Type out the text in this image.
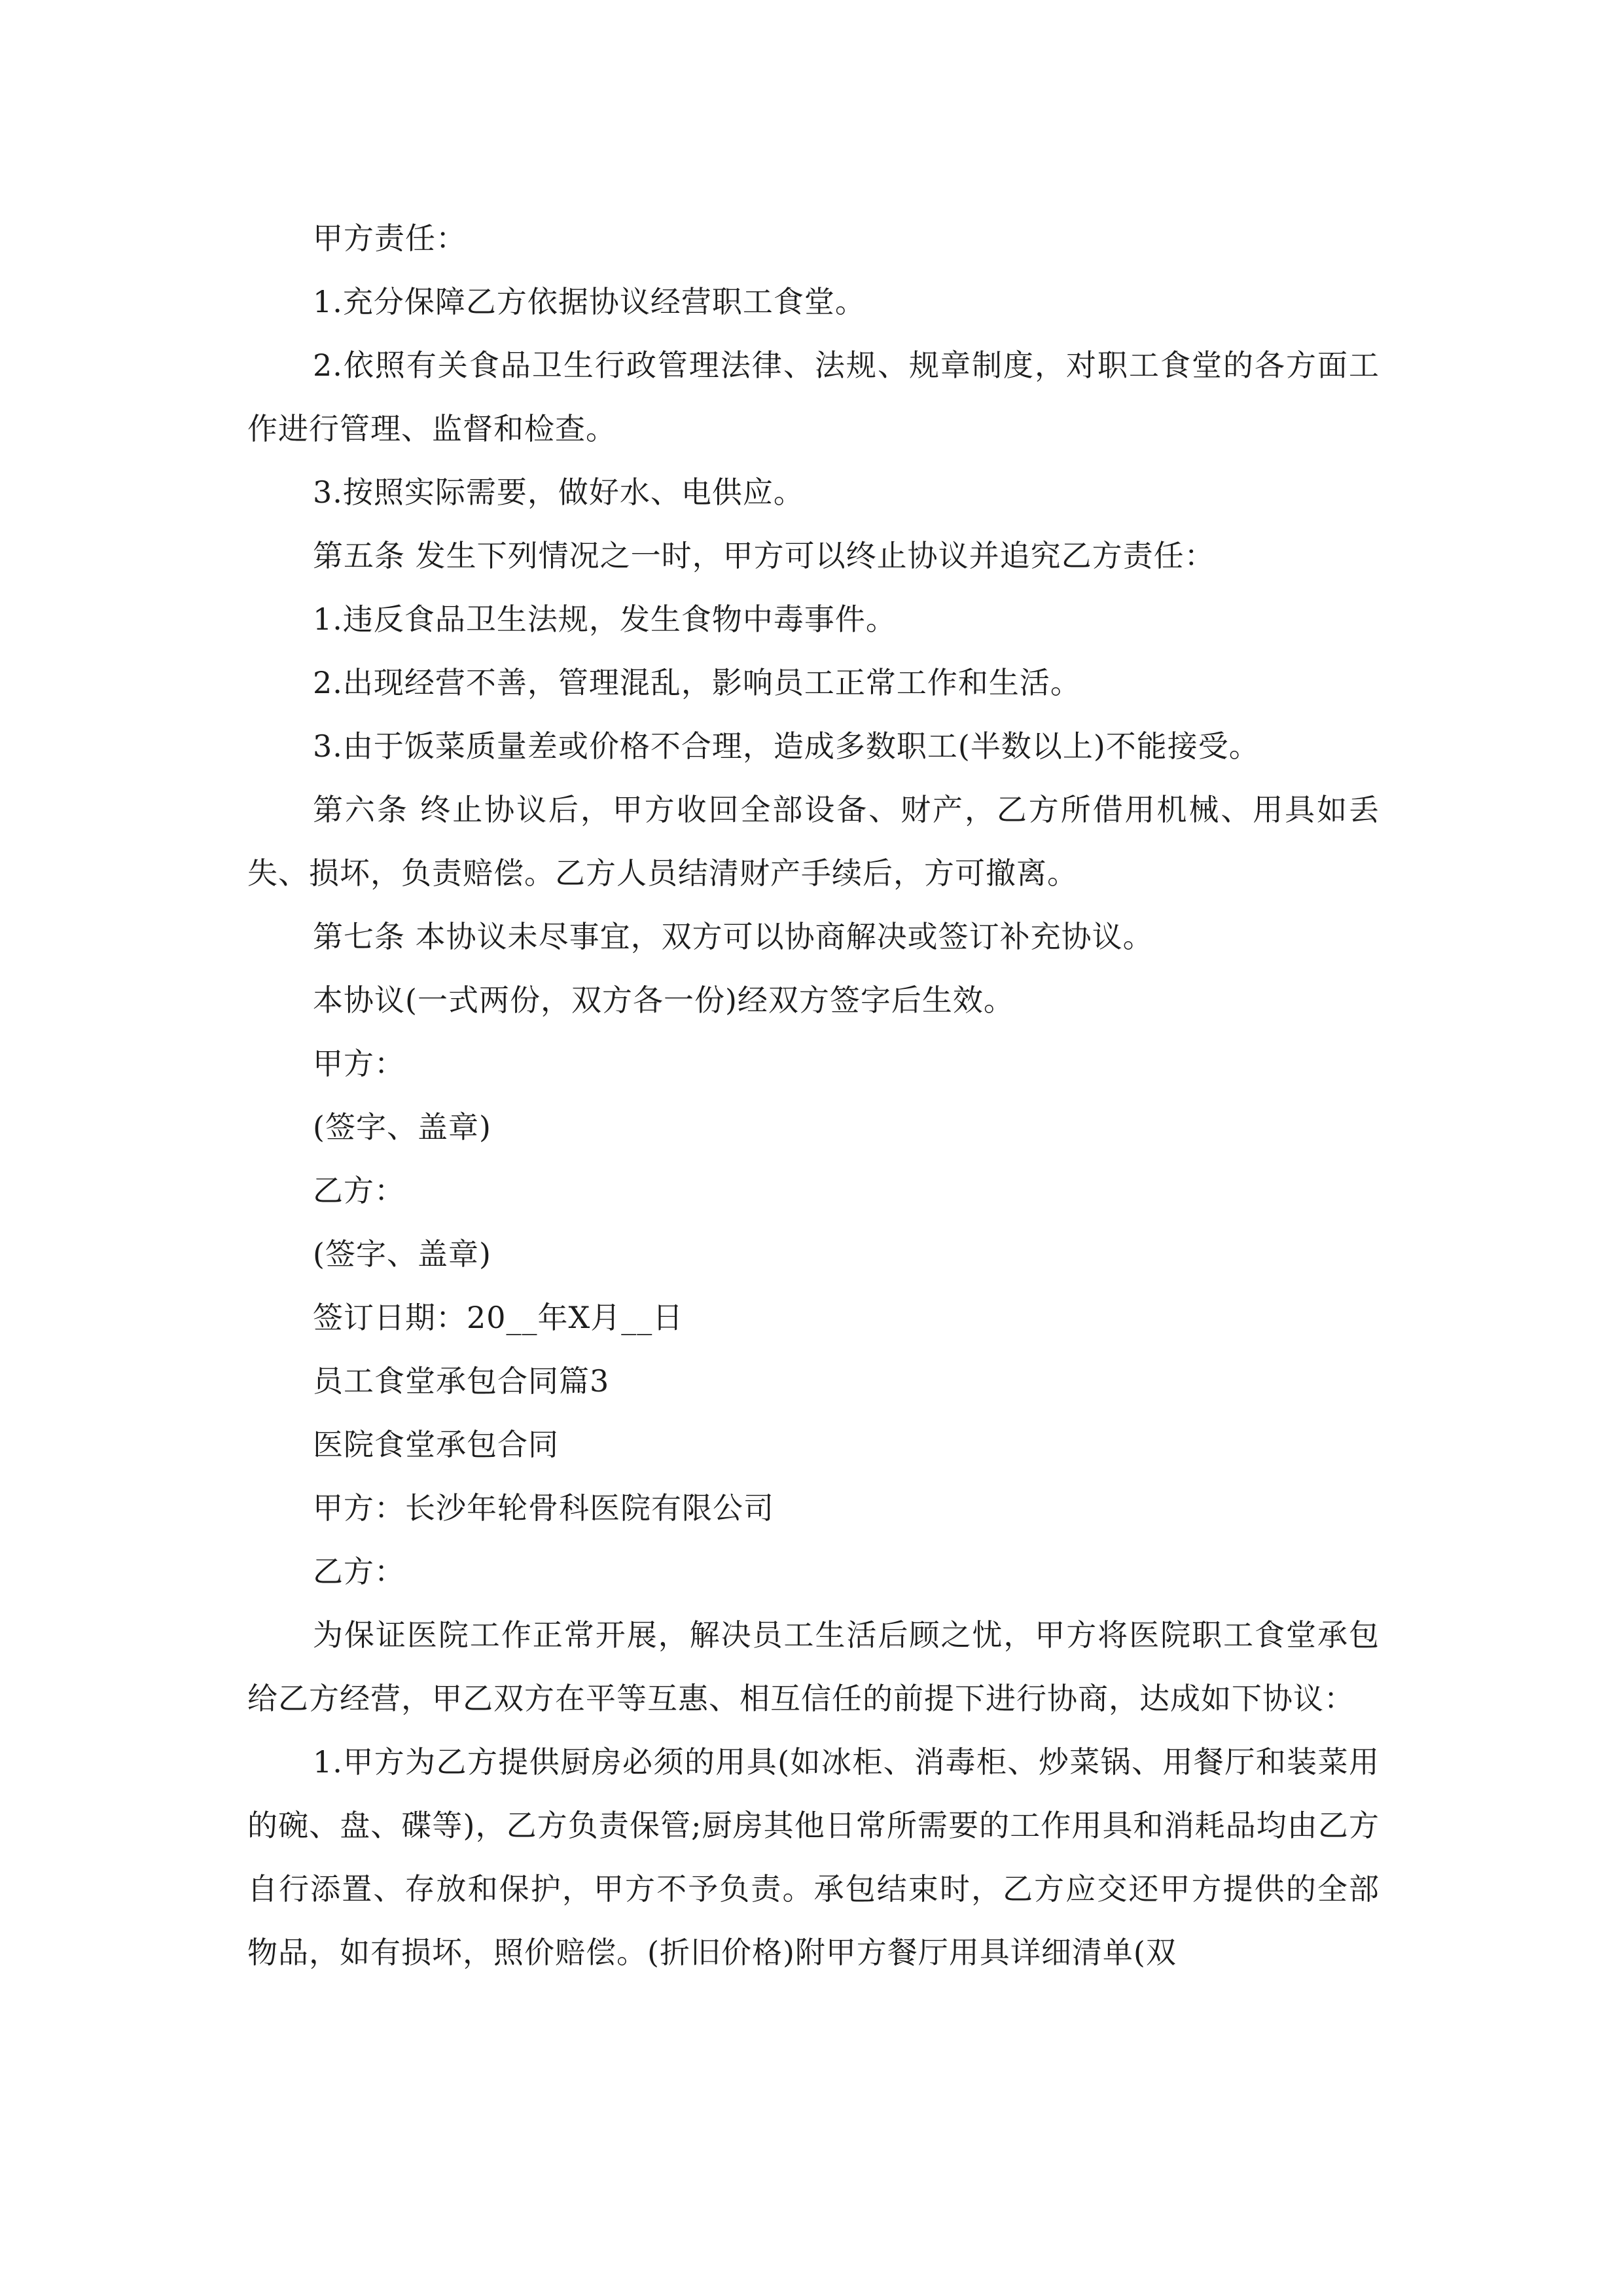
甲方责任：

1.充分保障乙方依据协议经营职工食堂。

2.依照有关食品卫生行政管理法律、法规、规章制度，对职工食堂的各方面工作进行管理、监督和检查。

3.按照实际需要，做好水、电供应。

第五条 发生下列情况之一时，甲方可以终止协议并追究乙方责任：

1.违反食品卫生法规，发生食物中毒事件。

2.出现经营不善，管理混乱，影响员工正常工作和生活。

3.由于饭菜质量差或价格不合理，造成多数职工(半数以上)不能接受。

第六条 终止协议后，甲方收回全部设备、财产，乙方所借用机械、用具如丢失、损坏，负责赔偿。乙方人员结清财产手续后，方可撤离。

第七条 本协议未尽事宜，双方可以协商解决或签订补充协议。

本协议(一式两份，双方各一份)经双方签字后生效。

甲方：

(签字、盖章)

乙方：

(签字、盖章)

签订日期：20__年X月__日

员工食堂承包合同篇3

医院食堂承包合同

甲方：长沙年轮骨科医院有限公司

乙方：

为保证医院工作正常开展，解决员工生活后顾之忧，甲方将医院职工食堂承包给乙方经营，甲乙双方在平等互惠、相互信任的前提下进行协商，达成如下协议：

1.甲方为乙方提供厨房必须的用具(如冰柜、消毒柜、炒菜锅、用餐厅和装菜用的碗、盘、碟等)，乙方负责保管;厨房其他日常所需要的工作用具和消耗品均由乙方自行添置、存放和保护，甲方不予负责。承包结束时，乙方应交还甲方提供的全部物品，如有损坏，照价赔偿。(折旧价格)附甲方餐厅用具详细清单(双
